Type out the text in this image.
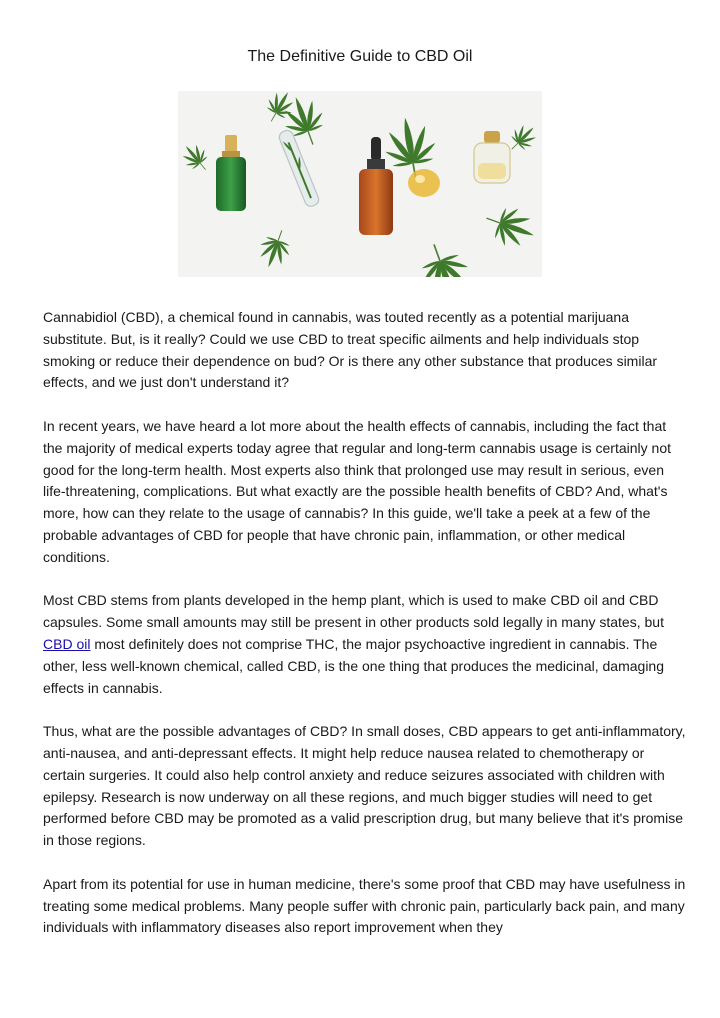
The Definitive Guide to CBD Oil

Cannabidiol (CBD), a chemical found in cannabis, was touted recently as a potential marijuana substitute. But, is it really? Could we use CBD to treat specific ailments and help individuals stop smoking or reduce their dependence on bud? Or is there any other substance that produces similar effects, and we just don't understand it?

In recent years, we have heard a lot more about the health effects of cannabis, including the fact that the majority of medical experts today agree that regular and long-term cannabis usage is certainly not good for the long-term health. Most experts also think that prolonged use may result in serious, even life-threatening, complications. But what exactly are the possible health benefits of CBD? And, what's more, how can they relate to the usage of cannabis? In this guide, we'll take a peek at a few of the probable advantages of CBD for people that have chronic pain, inflammation, or other medical conditions.

Most CBD stems from plants developed in the hemp plant, which is used to make CBD oil and CBD capsules. Some small amounts may still be present in other products sold legally in many states, but CBD oil most definitely does not comprise THC, the major psychoactive ingredient in cannabis. The other, less well-known chemical, called CBD, is the one thing that produces the medicinal, damaging effects in cannabis.

Thus, what are the possible advantages of CBD? In small doses, CBD appears to get anti-inflammatory, anti-nausea, and anti-depressant effects. It might help reduce nausea related to chemotherapy or certain surgeries. It could also help control anxiety and reduce seizures associated with children with epilepsy. Research is now underway on all these regions, and much bigger studies will need to get performed before CBD may be promoted as a valid prescription drug, but many believe that it's promise in those regions.

Apart from its potential for use in human medicine, there's some proof that CBD may have usefulness in treating some medical problems. Many people suffer with chronic pain, particularly back pain, and many individuals with inflammatory diseases also report improvement when they
